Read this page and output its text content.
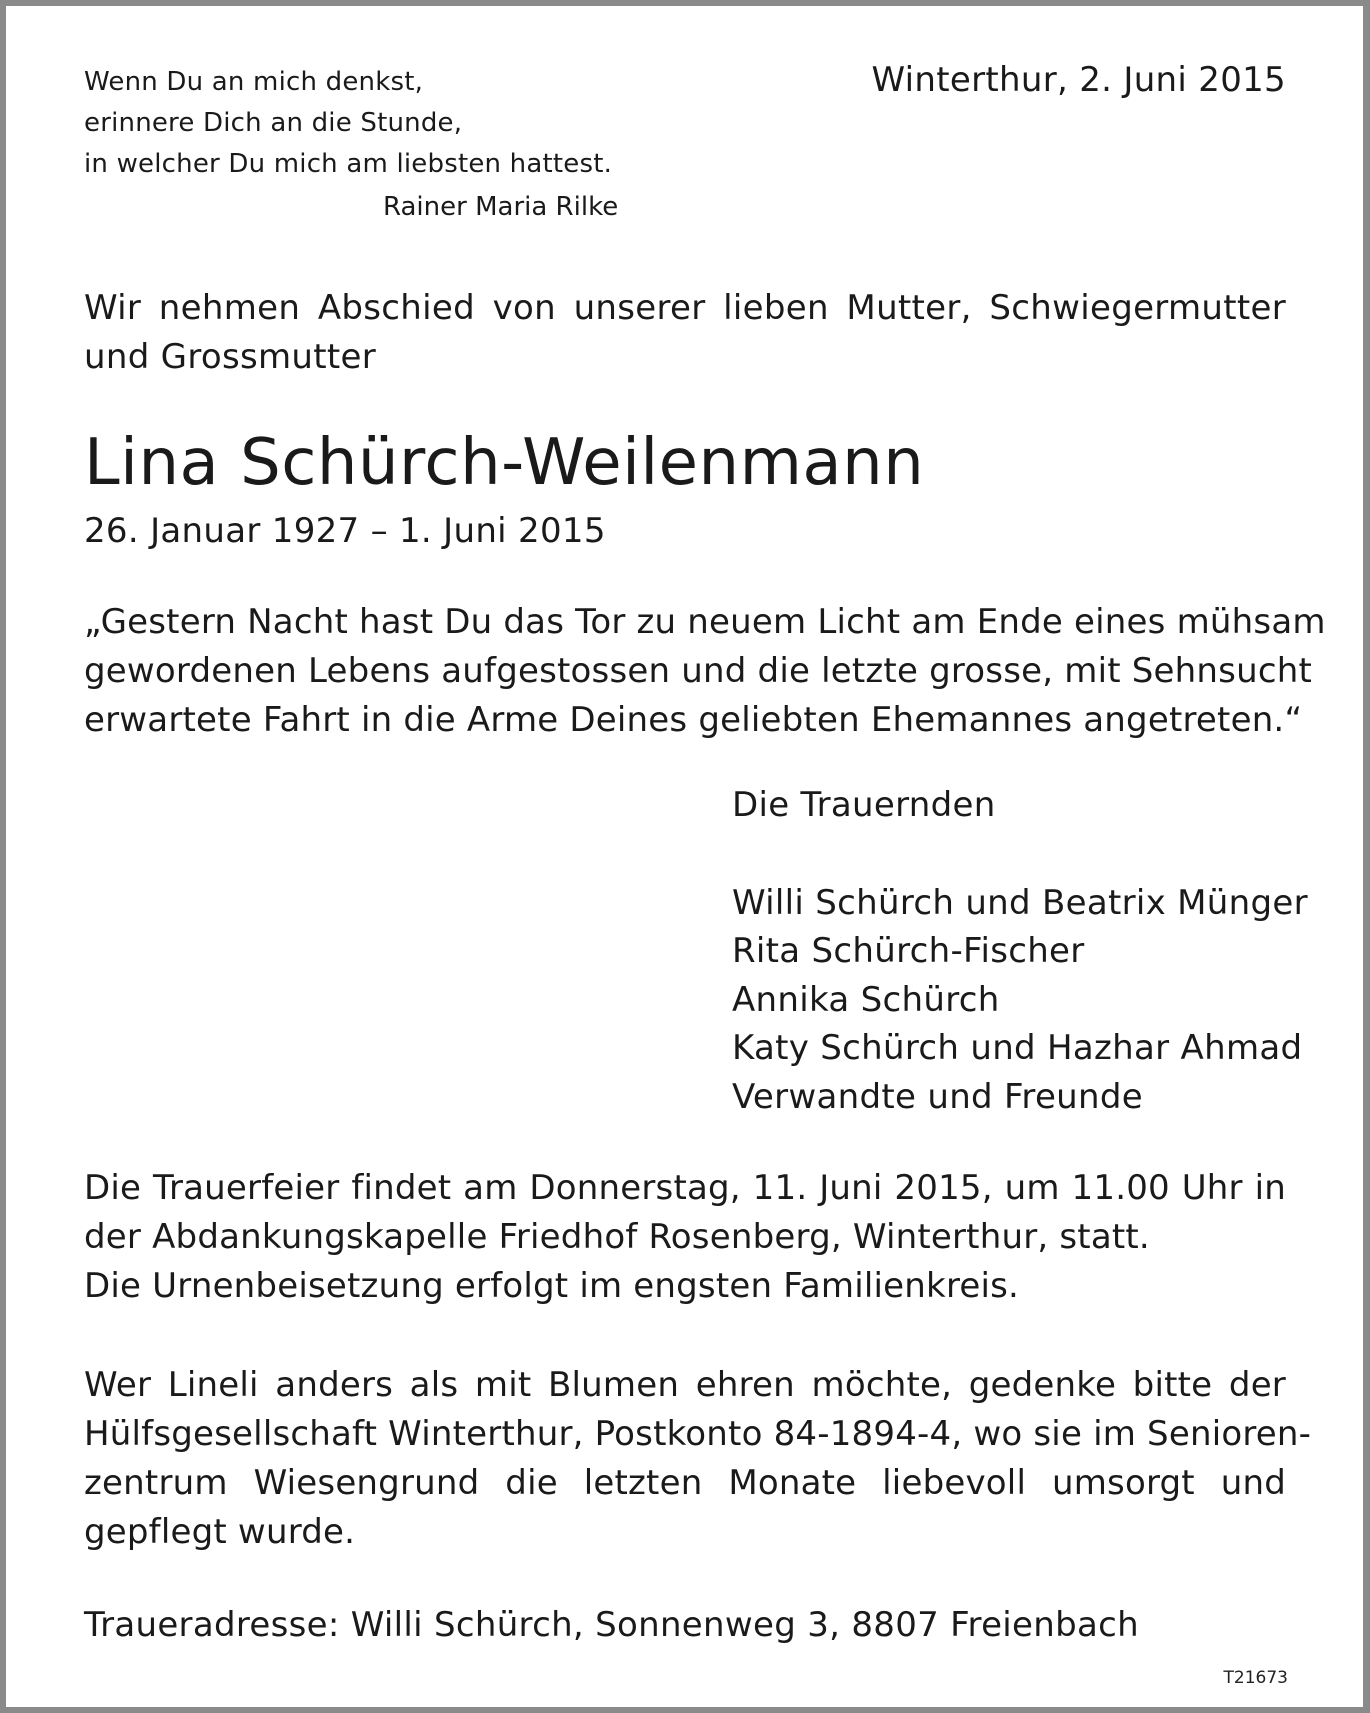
Wenn Du an mich denkst,
erinnere Dich an die Stunde,
in welcher Du mich am liebsten hattest.
Rainer Maria Rilke
Winterthur, 2. Juni 2015
Wir nehmen Abschied von unserer lieben Mutter, Schwiegermutter und Grossmutter
Lina Schürch-Weilenmann
26. Januar 1927 – 1. Juni 2015
„Gestern Nacht hast Du das Tor zu neuem Licht am Ende eines mühsam
gewordenen Lebens aufgestossen und die letzte grosse, mit Sehnsucht
erwartete Fahrt in die Arme Deines geliebten Ehemannes angetreten.“
Die Trauernden
Willi Schürch und Beatrix Münger
Rita Schürch-Fischer
Annika Schürch
Katy Schürch und Hazhar Ahmad
Verwandte und Freunde
Die Trauerfeier findet am Donnerstag, 11. Juni 2015, um 11.00 Uhr in
der Abdankungskapelle Friedhof Rosenberg, Winterthur, statt.
Die Urnenbeisetzung erfolgt im engsten Familienkreis.
Wer Lineli anders als mit Blumen ehren möchte, gedenke bitte der
Hülfsgesellschaft Winterthur, Postkonto 84-1894-4, wo sie im Senioren-
zentrum Wiesengrund die letzten Monate liebevoll umsorgt und
gepflegt wurde.
Traueradresse: Willi Schürch, Sonnenweg 3, 8807 Freienbach
T21673
